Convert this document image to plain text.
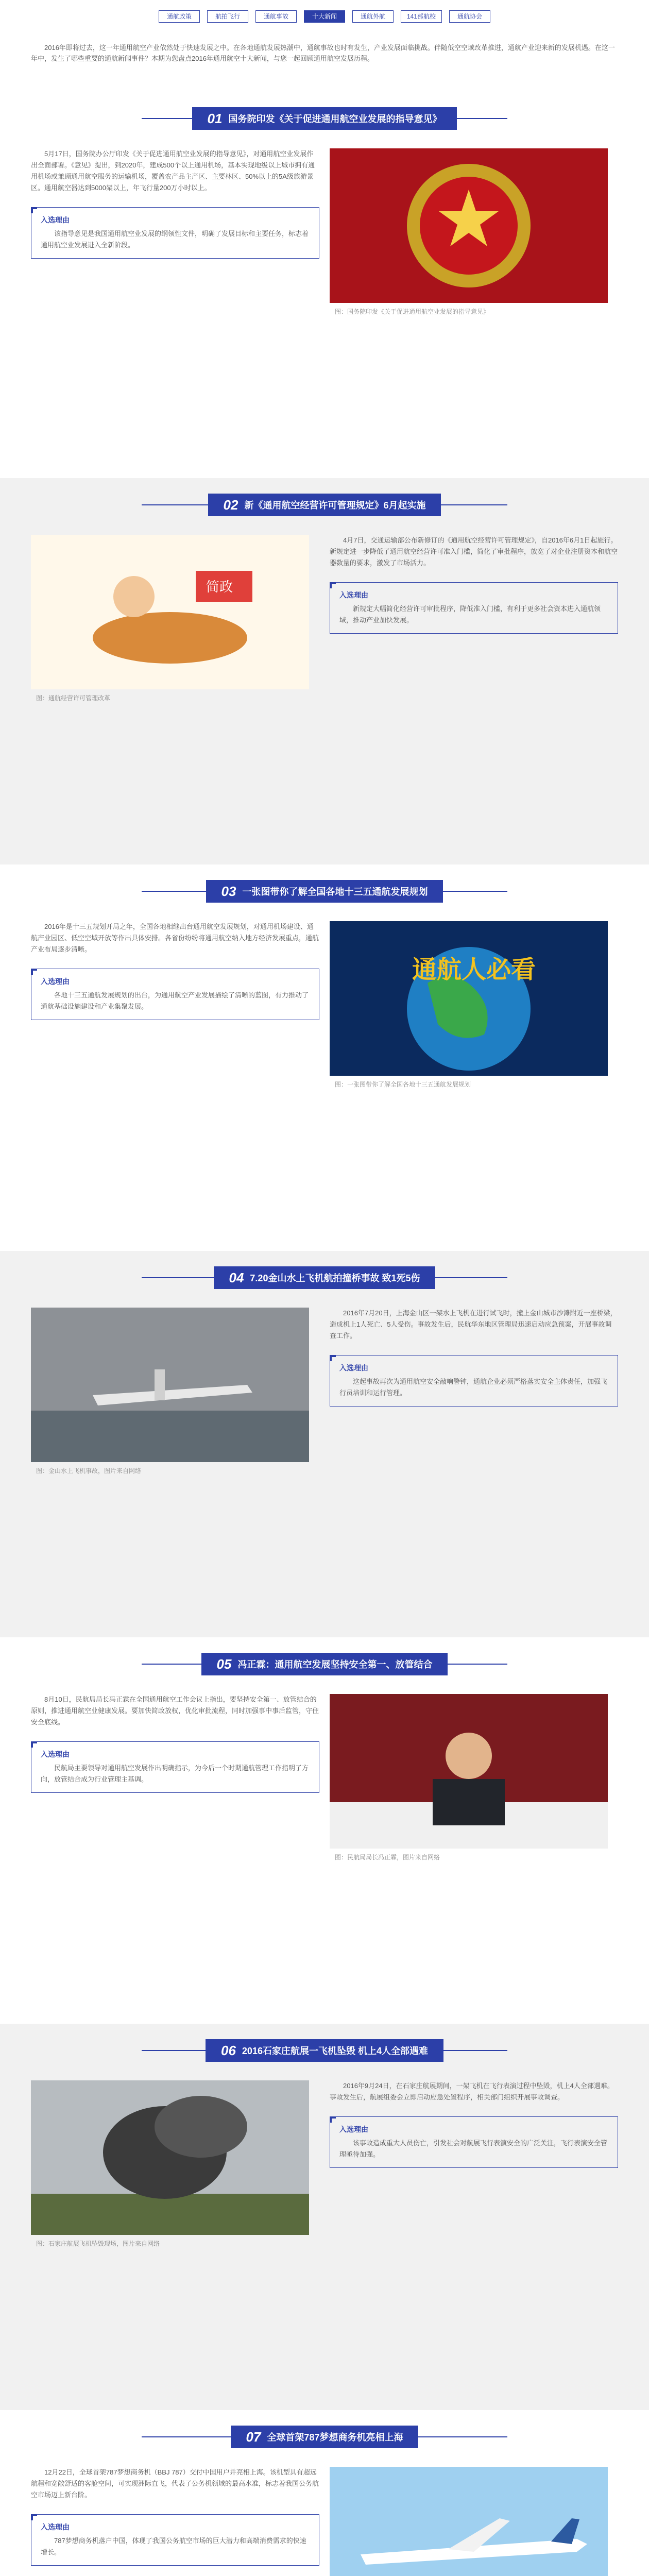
通航政策	航拍飞行	通航事故	十大新闻	通航外航	141部航校	通航协会
2016年即将过去，这一年通用航空产业依然处于快速发展之中。在各地通航发展热潮中，通航事故也时有发生，产业发展面临挑战。伴随低空空域改革推进，通航产业迎来新的发展机遇。在这一年中，发生了哪些重要的通航新闻事件？本期为您盘点2016年通用航空十大新闻，与您一起回顾通用航空发展历程。
01 国务院印发《关于促进通用航空业发展的指导意见》

5月17日，国务院办公厅印发《关于促进通用航空业发展的指导意见》，对通用航空业发展作出全面部署。《意见》提出，到2020年，建成500个以上通用机场，基本实现地级以上城市拥有通用机场或兼顾通用航空服务的运输机场，覆盖农产品主产区、主要林区、50%以上的5A级旅游景区。通用航空器达到5000架以上，年飞行量200万小时以上。

入选理由

该指导意见是我国通用航空业发展的纲领性文件，明确了发展目标和主要任务，标志着通用航空业发展进入全新阶段。

图：国务院印发《关于促进通用航空业发展的指导意见》
02 新《通用航空经营许可管理规定》6月起实施
简政
图：通航经营许可管理改革

4月7日，交通运输部公布新修订的《通用航空经营许可管理规定》，自2016年6月1日起施行。新规定进一步降低了通用航空经营许可准入门槛，简化了审批程序，放宽了对企业注册资本和航空器数量的要求，激发了市场活力。

入选理由

新规定大幅简化经营许可审批程序，降低准入门槛，有利于更多社会资本进入通航领域，推动产业加快发展。

03 一张图带你了解全国各地十三五通航发展规划

2016年是十三五规划开局之年，全国各地相继出台通用航空发展规划，对通用机场建设、通航产业园区、低空空域开放等作出具体安排。各省份纷纷将通用航空纳入地方经济发展重点，通航产业布局逐步清晰。

入选理由

各地十三五通航发展规划的出台，为通用航空产业发展描绘了清晰的蓝图，有力推动了通航基础设施建设和产业集聚发展。

通航人必看
图：一张图带你了解全国各地十三五通航发展规划
04 7.20金山水上飞机航拍撞桥事故 致1死5伤
图：金山水上飞机事故，图片来自网络

2016年7月20日，上海金山区一架水上飞机在进行试飞时，撞上金山城市沙滩附近一座桥梁，造成机上1人死亡、5人受伤。事故发生后，民航华东地区管理局迅速启动应急预案，开展事故调查工作。

入选理由

这起事故再次为通用航空安全敲响警钟，通航企业必须严格落实安全主体责任，加强飞行员培训和运行管理。

05 冯正霖：通用航空发展坚持安全第一、放管结合

8月10日，民航局局长冯正霖在全国通用航空工作会议上指出，要坚持安全第一、放管结合的原则，推进通用航空业健康发展。要加快简政放权，优化审批流程，同时加强事中事后监管，守住安全底线。

入选理由

民航局主要领导对通用航空发展作出明确指示，为今后一个时期通航管理工作指明了方向，放管结合成为行业管理主基调。

图：民航局局长冯正霖，图片来自网络
06 2016石家庄航展一飞机坠毁 机上4人全部遇难
图：石家庄航展飞机坠毁现场，图片来自网络

2016年9月24日，在石家庄航展期间，一架飞机在飞行表演过程中坠毁，机上4人全部遇难。事故发生后，航展组委会立即启动应急处置程序，相关部门组织开展事故调查。

入选理由

该事故造成重大人员伤亡，引发社会对航展飞行表演安全的广泛关注，飞行表演安全管理亟待加强。

07 全球首架787梦想商务机亮相上海

12月22日，全球首架787梦想商务机（BBJ 787）交付中国用户并亮相上海。该机型具有超远航程和宽敞舒适的客舱空间，可实现洲际直飞，代表了公务机领域的最高水准，标志着我国公务航空市场迈上新台阶。

入选理由

787梦想商务机落户中国，体现了我国公务航空市场的巨大潜力和高端消费需求的快速增长。
